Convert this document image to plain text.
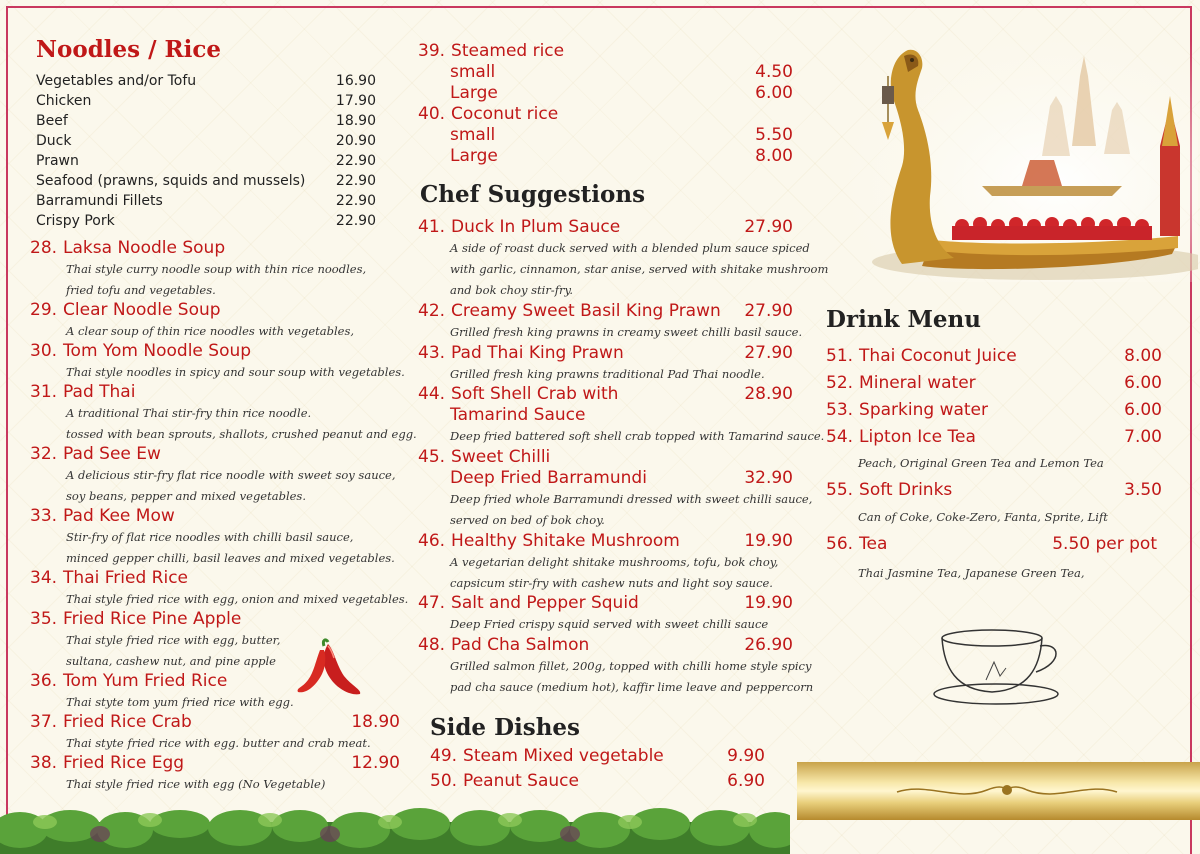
Noodles / Rice
Vegetables and/or Tofu	16.90
Chicken	17.90
Beef	18.90
Duck	20.90
Prawn	22.90
Seafood (prawns, squids and mussels) 22.90
Barramundi Fillets	22.90
Crispy Pork	22.90
28. Laksa Noodle Soup
Thai style curry noodle soup with thin rice noodles,
fried tofu and vegetables.
29. Clear Noodle Soup
A clear soup of thin rice noodles with vegetables,
30. Tom Yom Noodle Soup
Thai style noodles in spicy and sour soup with vegetables.
31. Pad Thai
A traditional Thai stir-fry thin rice noodle.
tossed with bean sprouts, shallots, crushed peanut and egg.
32. Pad See Ew
A delicious stir-fry flat rice noodle with sweet soy sauce,
soy beans, pepper and mixed vegetables.
33. Pad Kee Mow
Stir-fry of flat rice noodles with chilli basil sauce,
minced gepper chilli, basil leaves and mixed vegetables.
34. Thai Fried Rice
Thai style fried rice with egg, onion and mixed vegetables.
35. Fried Rice Pine Apple
Thai style fried rice with egg, butter,
sultana, cashew nut, and pine apple
36. Tom Yum Fried Rice
Thai styte tom yum fried rice with egg.
37. Fried Rice Crab	18.90
Thai styte fried rice with egg. butter and crab meat.
38. Fried Rice Egg	12.90
Thai style fried rice with egg (No Vegetable)
39. Steamed rice
small	4.50
Large	6.00
40. Coconut rice
small	5.50
Large	8.00
Chef Suggestions
41. Duck In Plum Sauce	27.90
A side of roast duck served with a blended plum sauce spiced
with garlic, cinnamon, star anise, served with shitake mushroom
and bok choy stir-fry.
42. Creamy Sweet Basil King Prawn 27.90
Grilled fresh king prawns in creamy sweet chilli basil sauce.
43. Pad Thai King Prawn	27.90
Grilled fresh king prawns traditional Pad Thai noodle.
44. Soft Shell Crab with	28.90
Tamarind Sauce
Deep fried battered soft shell crab topped with Tamarind sauce.
45. Sweet Chilli
Deep Fried Barramundi	32.90
Deep fried whole Barramundi dressed with sweet chilli sauce,
served on bed of bok choy.
46. Healthy Shitake Mushroom	19.90
A vegetarian delight shitake mushrooms, tofu, bok choy,
capsicum stir-fry with cashew nuts and light soy sauce.
47. Salt and Pepper Squid	19.90
Deep Fried crispy squid served with sweet chilli sauce
48. Pad Cha Salmon	26.90
Grilled salmon fillet, 200g, topped with chilli home style spicy
pad cha sauce (medium hot), kaffir lime leave and peppercorn
Side Dishes
49. Steam Mixed vegetable	9.90
50. Peanut Sauce	6.90
Drink Menu
51. Thai Coconut Juice	8.00
52. Mineral water	6.00
53. Sparking water	6.00
54. Lipton Ice Tea	7.00
Peach, Original Green Tea and Lemon Tea
55. Soft Drinks	3.50
Can of Coke, Coke-Zero, Fanta, Sprite, Lift
56. Tea	5.50 per pot
Thai Jasmine Tea, Japanese Green Tea,
